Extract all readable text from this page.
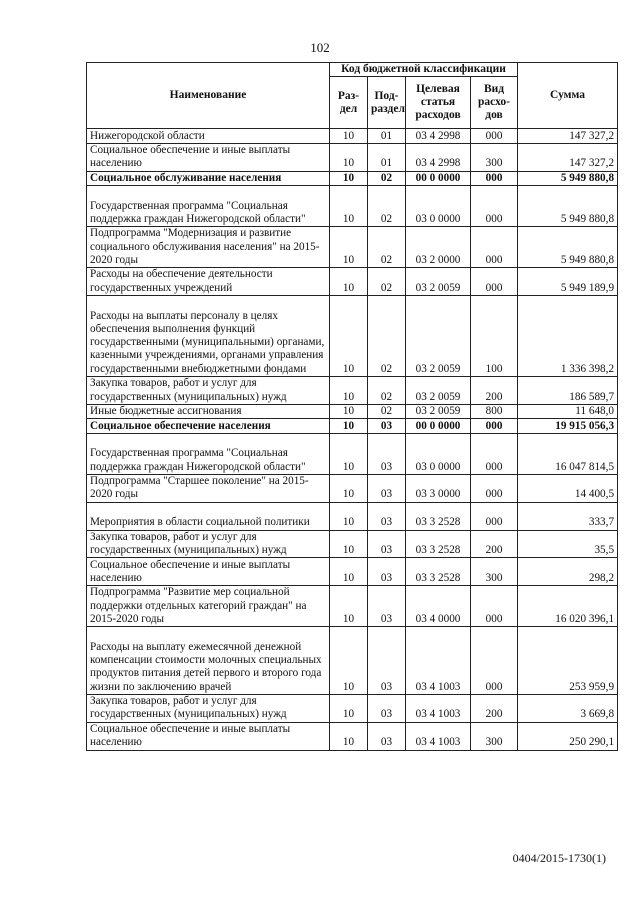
102
Наименование	Код бюджетной классификации				Сумма
	Раз-дел	Под-раздел	Целевая статья расходов	Вид расхо-дов	
Нижегородской области	10	01	03 4 2998	000	147 327,2
Социальное обеспечение и иные выплаты населению	10	01	03 4 2998	300	147 327,2
Социальное обслуживание населения	10	02	00 0 0000	000	5 949 880,8
Государственная программа "Социальная поддержка граждан Нижегородской области"	10	02	03 0 0000	000	5 949 880,8
Подпрограмма "Модернизация и развитие социального обслуживания населения" на 2015-2020 годы	10	02	03 2 0000	000	5 949 880,8
Расходы на обеспечение деятельности государственных учреждений	10	02	03 2 0059	000	5 949 189,9
Расходы на выплаты персоналу в целях обеспечения выполнения функций государственными (муниципальными) органами, казенными учреждениями, органами управления государственными внебюджетными фондами	10	02	03 2 0059	100	1 336 398,2
Закупка товаров, работ и услуг для государственных (муниципальных) нужд	10	02	03 2 0059	200	186 589,7
Иные бюджетные ассигнования	10	02	03 2 0059	800	11 648,0
Социальное обеспечение населения	10	03	00 0 0000	000	19 915 056,3
Государственная программа "Социальная поддержка граждан Нижегородской области"	10	03	03 0 0000	000	16 047 814,5
Подпрограмма "Старшее поколение" на 2015-2020 годы	10	03	03 3 0000	000	14 400,5
Мероприятия в области социальной политики	10	03	03 3 2528	000	333,7
Закупка товаров, работ и услуг для государственных (муниципальных) нужд	10	03	03 3 2528	200	35,5
Социальное обеспечение и иные выплаты населению	10	03	03 3 2528	300	298,2
Подпрограмма "Развитие мер социальной поддержки отдельных категорий граждан" на 2015-2020 годы	10	03	03 4 0000	000	16 020 396,1
Расходы на выплату ежемесячной денежной компенсации стоимости молочных специальных продуктов питания детей первого и второго года жизни по заключению врачей	10	03	03 4 1003	000	253 959,9
Закупка товаров, работ и услуг для государственных (муниципальных) нужд	10	03	03 4 1003	200	3 669,8
Социальное обеспечение и иные выплаты населению	10	03	03 4 1003	300	250 290,1
0404/2015-1730(1)
